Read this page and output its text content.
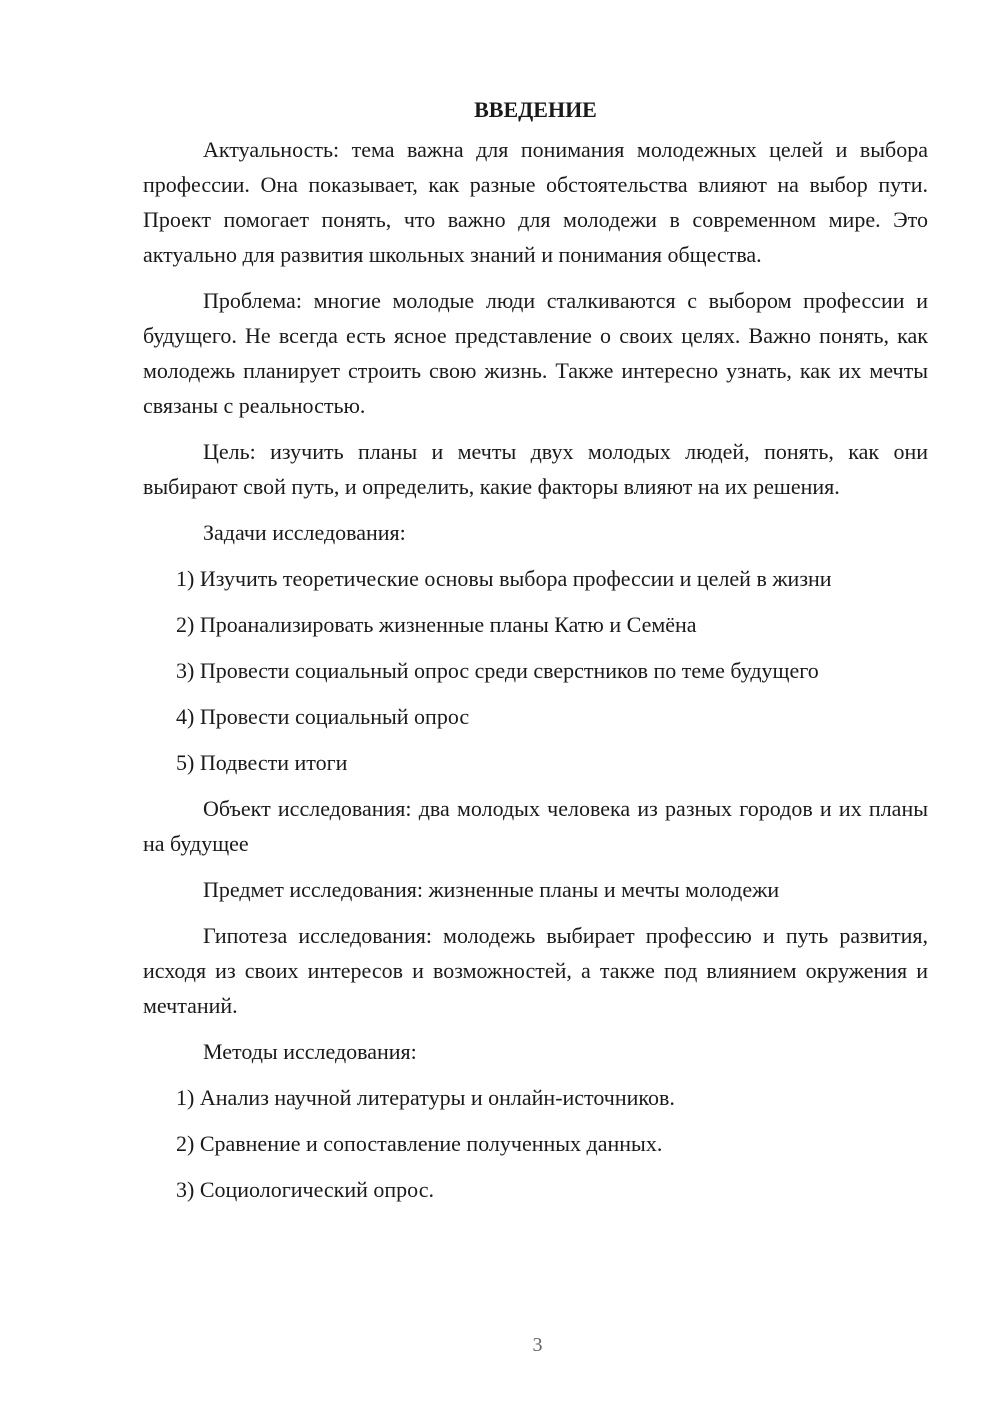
ВВЕДЕНИЕ

Актуальность: тема важна для понимания молодежных целей и выбора профессии. Она показывает, как разные обстоятельства влияют на выбор пути. Проект помогает понять, что важно для молодежи в современном мире. Это актуально для развития школьных знаний и понимания общества.

Проблема: многие молодые люди сталкиваются с выбором профессии и будущего. Не всегда есть ясное представление о своих целях. Важно понять, как молодежь планирует строить свою жизнь. Также интересно узнать, как их мечты связаны с реальностью.

Цель: изучить планы и мечты двух молодых людей, понять, как они выбирают свой путь, и определить, какие факторы влияют на их решения.

Задачи исследования:

1) Изучить теоретические основы выбора профессии и целей в жизни
2) Проанализировать жизненные планы Катю и Семёна
3) Провести социальный опрос среди сверстников по теме будущего
4) Провести социальный опрос
5) Подвести итоги

Объект исследования: два молодых человека из разных городов и их планы на будущее

Предмет исследования: жизненные планы и мечты молодежи

Гипотеза исследования: молодежь выбирает профессию и путь развития, исходя из своих интересов и возможностей, а также под влиянием окружения и мечтаний.

Методы исследования:

1) Анализ научной литературы и онлайн-источников.
2) Сравнение и сопоставление полученных данных.
3) Социологический опрос.
3
